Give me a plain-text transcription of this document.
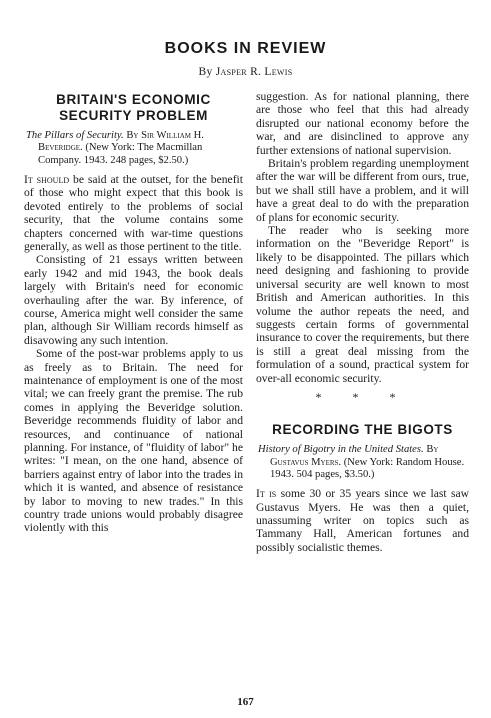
BOOKS IN REVIEW
By Jasper R. Lewis
BRITAIN'S ECONOMIC SECURITY PROBLEM
The Pillars of Security. By Sir William H. Beveridge. (New York: The Macmillan Company. 1943. 248 pages, $2.50.)

It should be said at the outset, for the benefit of those who might expect that this book is devoted entirely to the problems of social security, that the volume contains some chapters concerned with war-time questions generally, as well as those pertinent to the title.

Consisting of 21 essays written between early 1942 and mid 1943, the book deals largely with Britain's need for economic overhauling after the war. By inference, of course, America might well consider the same plan, although Sir William records himself as disavowing any such intention.

Some of the post-war problems apply to us as freely as to Britain. The need for maintenance of employment is one of the most vital; we can freely grant the premise. The rub comes in applying the Beveridge solution. Beveridge recommends fluidity of labor and resources, and continuance of national planning. For instance, of "fluidity of labor" he writes: "I mean, on the one hand, absence of barriers against entry of labor into the trades in which it is wanted, and absence of resistance by labor to moving to new trades." In this country trade unions would probably disagree violently with this

suggestion. As for national planning, there are those who feel that this had already disrupted our national economy before the war, and are disinclined to approve any further extensions of national supervision.

Britain's problem regarding unemployment after the war will be different from ours, true, but we shall still have a problem, and it will have a great deal to do with the preparation of plans for economic security.

The reader who is seeking more information on the "Beveridge Report" is likely to be disappointed. The pillars which need designing and fashioning to provide universal security are well known to most British and American authorities. In this volume the author repeats the need, and suggests certain forms of governmental insurance to cover the requirements, but there is still a great deal missing from the formulation of a sound, practical system for over-all economic security.

* * *
RECORDING THE BIGOTS
History of Bigotry in the United States. By Gustavus Myers. (New York: Random House. 1943. 504 pages, $3.50.)

It is some 30 or 35 years since we last saw Gustavus Myers. He was then a quiet, unassuming writer on topics such as Tammany Hall, American fortunes and possibly socialistic themes.

167
